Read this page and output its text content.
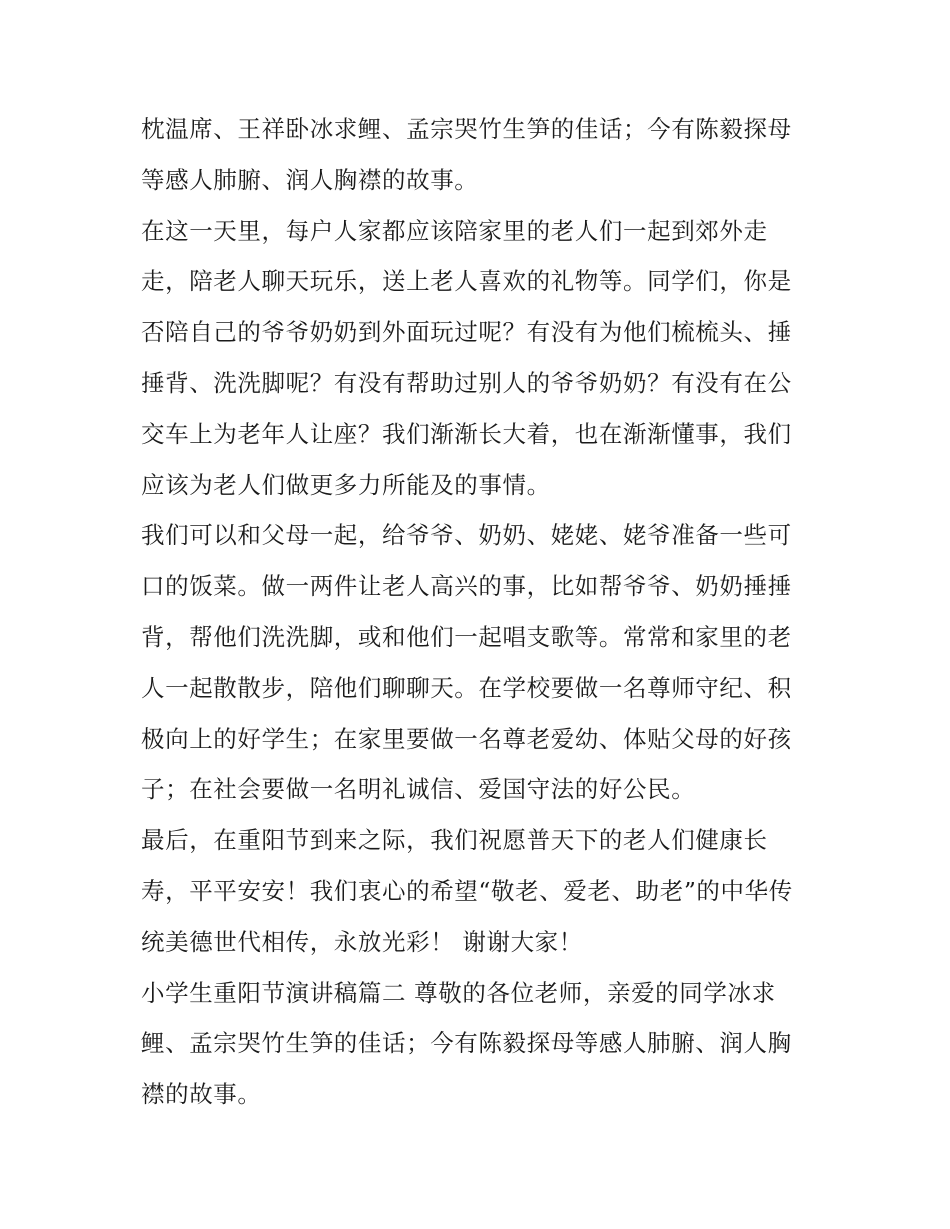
枕温席、王祥卧冰求鲤、孟宗哭竹生笋的佳话；今有陈毅探母
等感人肺腑、润人胸襟的故事。
在这一天里，每户人家都应该陪家里的老人们一起到郊外走
走，陪老人聊天玩乐，送上老人喜欢的礼物等。同学们，你是
否陪自己的爷爷奶奶到外面玩过呢？有没有为他们梳梳头、捶
捶背、洗洗脚呢？有没有帮助过别人的爷爷奶奶？有没有在公
交车上为老年人让座？我们渐渐长大着，也在渐渐懂事，我们
应该为老人们做更多力所能及的事情。
我们可以和父母一起，给爷爷、奶奶、姥姥、姥爷准备一些可
口的饭菜。做一两件让老人高兴的事，比如帮爷爷、奶奶捶捶
背，帮他们洗洗脚，或和他们一起唱支歌等。常常和家里的老
人一起散散步，陪他们聊聊天。在学校要做一名尊师守纪、积
极向上的好学生；在家里要做一名尊老爱幼、体贴父母的好孩
子；在社会要做一名明礼诚信、爱国守法的好公民。
最后，在重阳节到来之际，我们祝愿普天下的老人们健康长
寿，平平安安！我们衷心的希望“敬老、爱老、助老”的中华传
统美德世代相传，永放光彩！ 谢谢大家！
小学生重阳节演讲稿篇二 尊敬的各位老师，亲爱的同学冰求
鲤、孟宗哭竹生笋的佳话；今有陈毅探母等感人肺腑、润人胸
襟的故事。
